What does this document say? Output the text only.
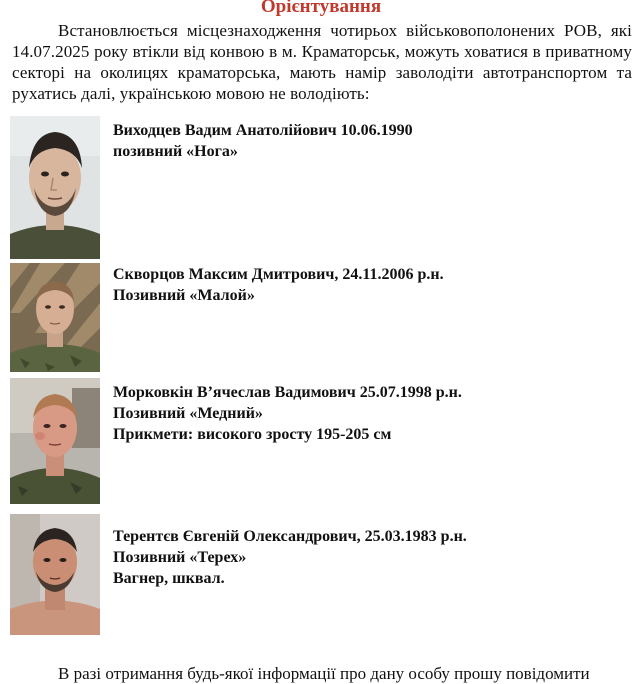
Орієнтування
Встановлюється місцезнаходження чотирьох військовополонених РОВ, які 14.07.2025 року втікли від конвою в м. Краматорськ, можуть ховатися в приватному секторі на околицях краматорська, мають намір заволодіти автотранспортом та рухатись далі, українською мовою не володіють:
Виходцев Вадим Анатолійович 10.06.1990
позивний «Нога»
Скворцов Максим Дмитрович, 24.11.2006 р.н.
Позивний «Малой»
Морковкін В’ячеслав Вадимович 25.07.1998 р.н.
Позивний «Медний»
Прикмети: високого зросту 195-205 см
Терентєв Євгеній Олександрович, 25.03.1983 р.н.
Позивний «Терех»
Вагнер, шквал.
В разі отримання будь-якої інформації про дану особу прошу повідомити
